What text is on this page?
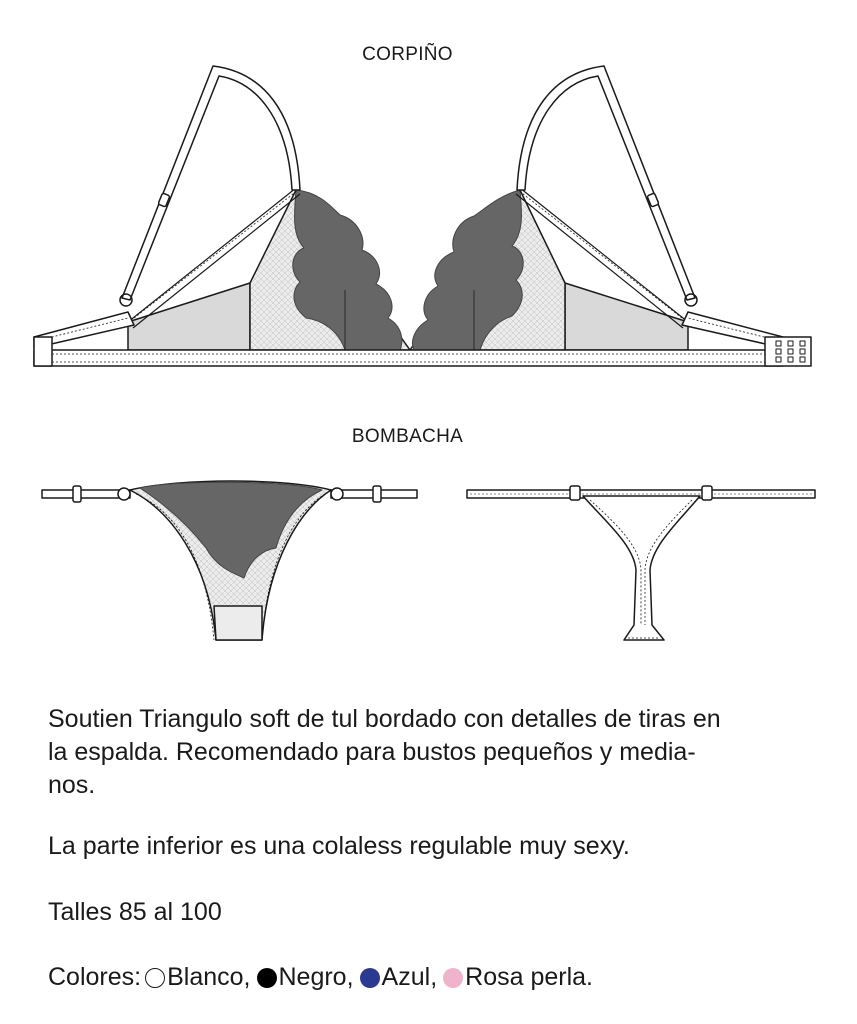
CORPIÑO
BOMBACHA
Soutien Triangulo soft de tul bordado con detalles de tiras en
la espalda. Recomendado para bustos pequeños y media-
nos.
La parte inferior es una colaless regulable muy sexy.
Talles 85 al 100
Colores: Blanco , Negro , Azul , Rosa perla.
